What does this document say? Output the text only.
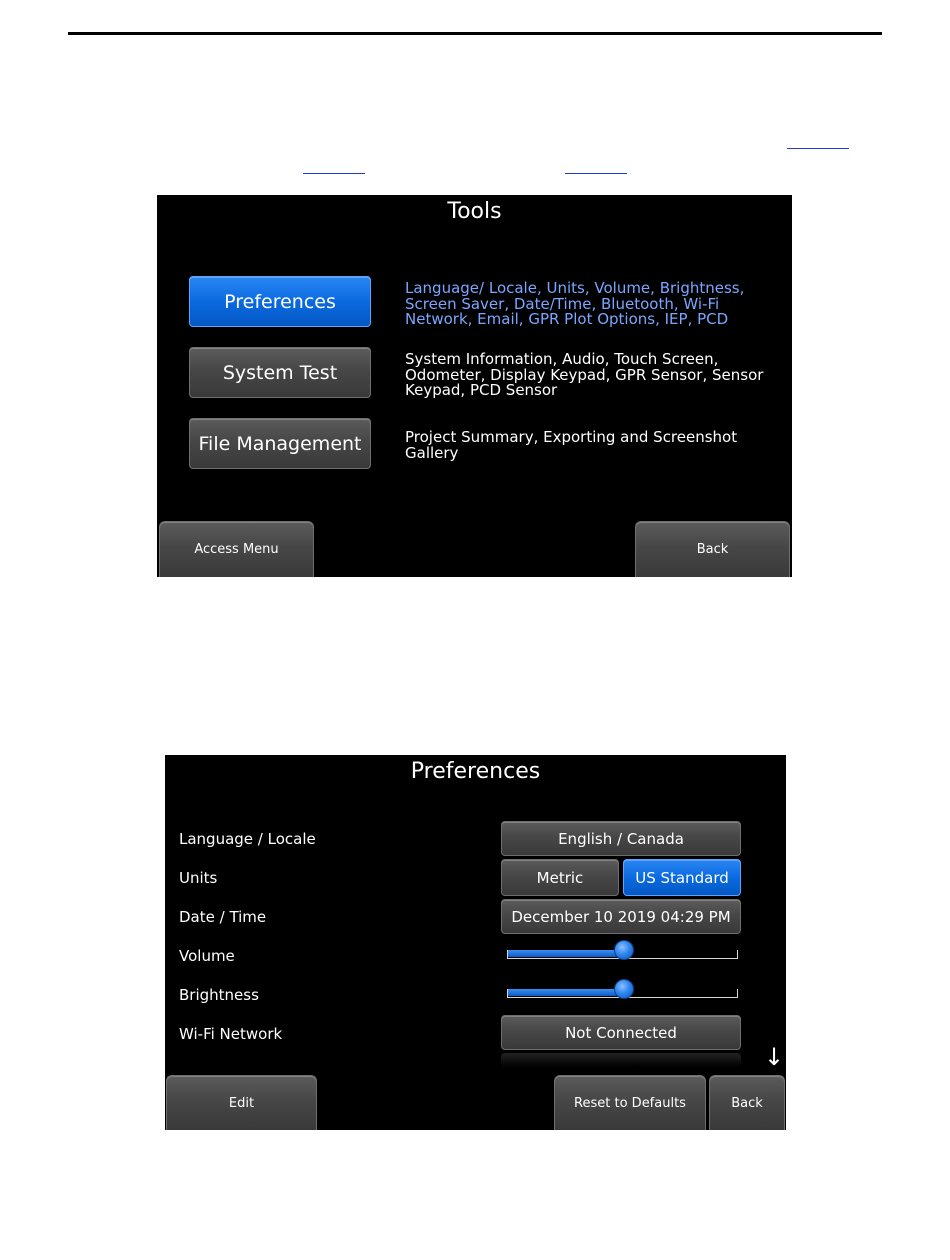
Tools
Preferences
Language/ Locale, Units, Volume, Brightness, Screen Saver, Date/Time, Bluetooth, Wi-Fi Network, Email, GPR Plot Options, IEP, PCD
System Test
System Information, Audio, Touch Screen, Odometer, Display Keypad, GPR Sensor, Sensor Keypad, PCD Sensor
File Management	Project Summary, Exporting and Screenshot Gallery
Access Menu	Back
Preferences
Language / Locale	English / Canada
Units	Metric	US Standard
Date / Time	December 10 2019 04:29 PM
Volume
Brightness
Wi-Fi Network	Not Connected
↓
Edit	Reset to Defaults	Back
